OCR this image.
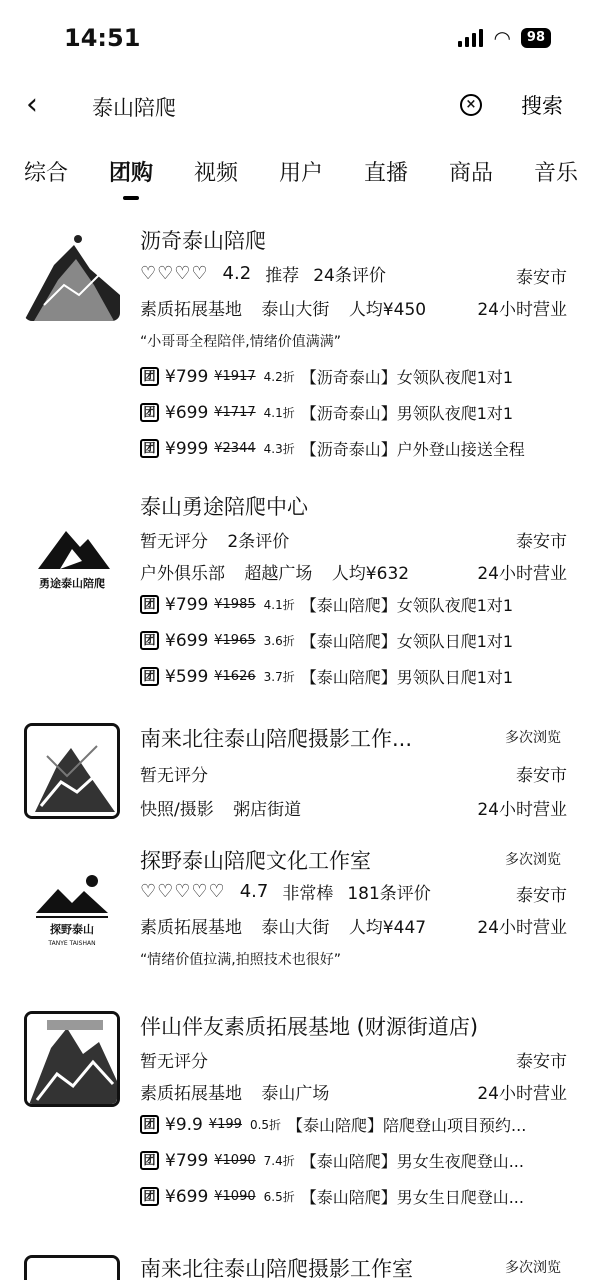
14:51	◠	98
‹	泰山陪爬	× 搜索
综合 团购 视频 用户 直播 商品 音乐
沥奇泰山陪爬
♡♡♡♡ 4.2 推荐 24条评价	泰安市
素质拓展基地 泰山大街 人均¥450	24小时营业
“小哥哥全程陪伴,情绪价值满满”
团 ¥799 ¥1917 4.2折 【沥奇泰山】女领队夜爬1对1
团 ¥699 ¥1717 4.1折 【沥奇泰山】男领队夜爬1对1
团 ¥999 ¥2344 4.3折 【沥奇泰山】户外登山接送全程
勇途泰山陪爬
泰山勇途陪爬中心
暂无评分 2条评价	泰安市
户外俱乐部 超越广场 人均¥632	24小时营业
团 ¥799 ¥1985 4.1折 【泰山陪爬】女领队夜爬1对1
团 ¥699 ¥1965 3.6折 【泰山陪爬】女领队日爬1对1
团 ¥599 ¥1626 3.7折 【泰山陪爬】男领队日爬1对1
南来北往泰山陪爬摄影工作...	多次浏览
暂无评分	泰安市
快照/摄影 粥店街道	24小时营业
探野泰山
TANYE TAISHAN
探野泰山陪爬文化工作室	多次浏览
♡♡♡♡♡ 4.7 非常棒 181条评价	泰安市
素质拓展基地 泰山大街 人均¥447	24小时营业
“情绪价值拉满,拍照技术也很好”
伴山伴友素质拓展基地 (财源街道店)
暂无评分	泰安市
素质拓展基地 泰山广场	24小时营业
团 ¥9.9 ¥199 0.5折 【泰山陪爬】陪爬登山项目预约...
团 ¥799 ¥1090 7.4折 【泰山陪爬】男女生夜爬登山...
团 ¥699 ¥1090 6.5折 【泰山陪爬】男女生日爬登山...
南来北往泰山陪爬摄影工作室	多次浏览
